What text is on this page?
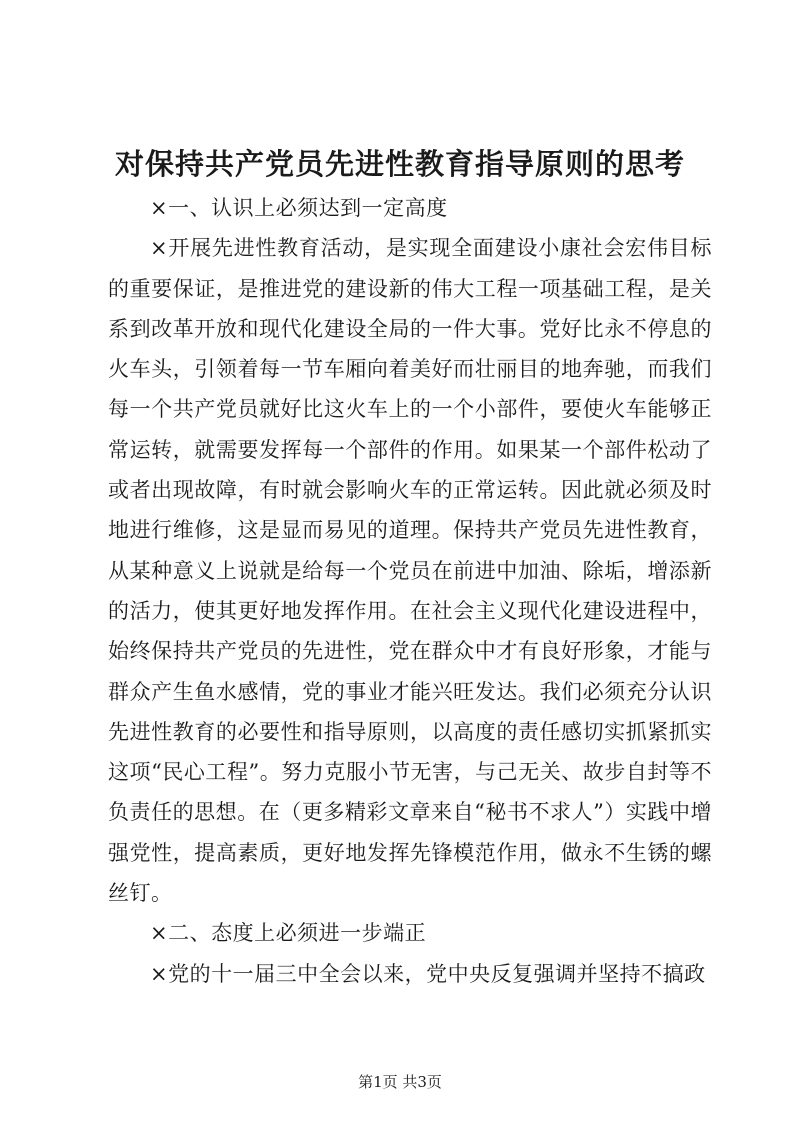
对保持共产党员先进性教育指导原则的思考

×一、认识上必须达到一定高度

×开展先进性教育活动，是实现全面建设小康社会宏伟目标的重要保证，是推进党的建设新的伟大工程一项基础工程，是关系到改革开放和现代化建设全局的一件大事。党好比永不停息的火车头，引领着每一节车厢向着美好而壮丽目的地奔驰，而我们每一个共产党员就好比这火车上的一个小部件，要使火车能够正常运转，就需要发挥每一个部件的作用。如果某一个部件松动了或者出现故障，有时就会影响火车的正常运转。因此就必须及时地进行维修，这是显而易见的道理。保持共产党员先进性教育，从某种意义上说就是给每一个党员在前进中加油、除垢，增添新的活力，使其更好地发挥作用。在社会主义现代化建设进程中，始终保持共产党员的先进性，党在群众中才有良好形象，才能与群众产生鱼水感情，党的事业才能兴旺发达。我们必须充分认识先进性教育的必要性和指导原则，以高度的责任感切实抓紧抓实这项“民心工程”。努力克服小节无害，与己无关、故步自封等不负责任的思想。在（更多精彩文章来自“秘书不求人”）实践中增强党性，提高素质，更好地发挥先锋模范作用，做永不生锈的螺丝钉。

×二、态度上必须进一步端正

×党的十一届三中全会以来，党中央反复强调并坚持不搞政

第1页 共3页
